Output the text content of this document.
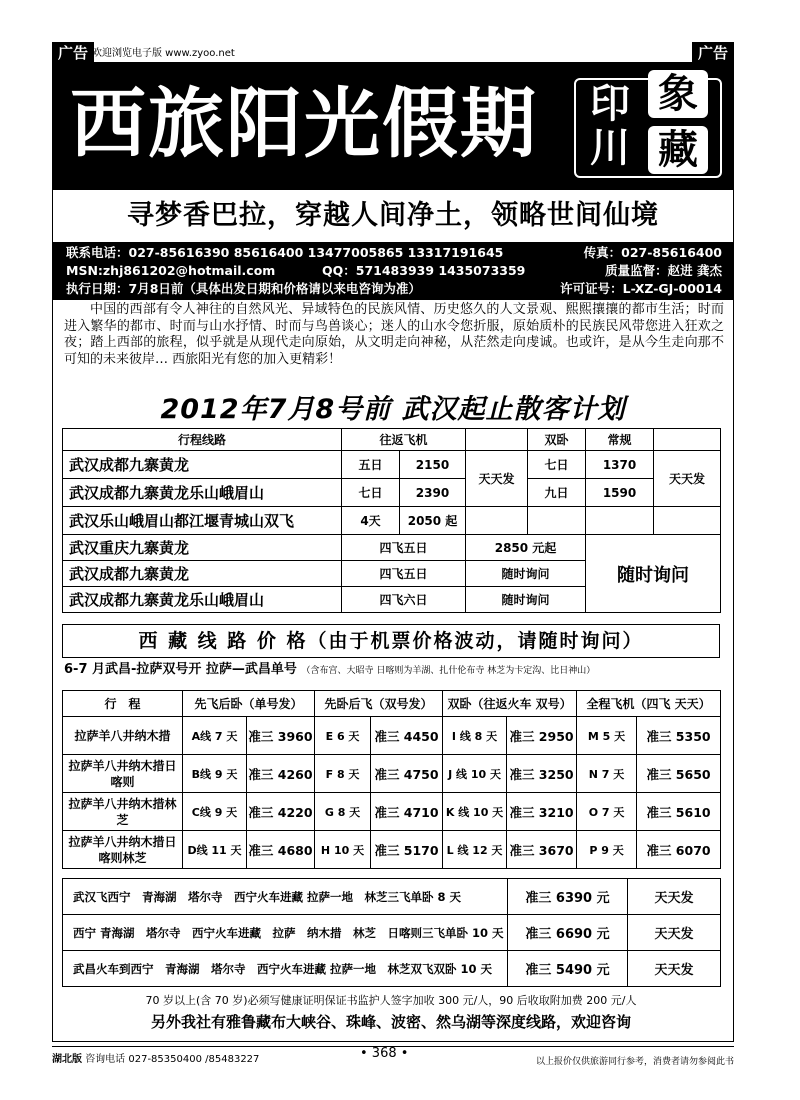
广告 欢迎浏览电子版 www.zyoo.net	广告
西旅阳光假期 印 象
川 藏
寻梦香巴拉，穿越人间净土，领略世间仙境
联系电话：027-85616390 85616400 13477005865 13317191645	传真：027-85616400
MSN:zhj861202@hotmail.com	QQ：571483939 1435073359	质量监督：赵进 龚杰
执行日期：7月8日前（具体出发日期和价格请以来电咨询为准）	许可证号：L-XZ-GJ-00014
中国的西部有令人神往的自然风光、异域特色的民族风情、历史悠久的人文景观、熙熙攘攘的都市生活；时而进入繁华的都市、时而与山水抒情、时而与鸟兽谈心；迷人的山水令您折服，原始质朴的民族民风带您进入狂欢之夜；踏上西部的旅程，似乎就是从现代走向原始，从文明走向神秘，从茫然走向虔诚。也或许，是从今生走向那不可知的未来彼岸… 西旅阳光有您的加入更精彩！
2012年7月8号前 武汉起止散客计划
行程线路	往返飞机			双卧	常规	
武汉成都九寨黄龙	五日	2150	天天发	七日	1370	天天发
武汉成都九寨黄龙乐山峨眉山	七日	2390		九日	1590	
武汉乐山峨眉山都江堰青城山双飞	4天	2050 起				
武汉重庆九寨黄龙	四飞五日		2850 元起		随时询问	
武汉成都九寨黄龙	四飞五日		随时询问			
武汉成都九寨黄龙乐山峨眉山	四飞六日		随时询问			
西 藏 线 路 价 格（由于机票价格波动，请随时询问）
6-7 月武昌-拉萨双号开 拉萨—武昌单号 （含布宫、大昭寺 日喀则为羊湖、扎什伦布寺 林芝为卡定沟、比日神山）
行　程	先飞后卧（单号发）		先卧后飞（双号发）		双卧（往返火车 双号）		全程飞机（四飞 天天）	
拉萨羊八井纳木措	A线 7 天	准三 3960	E 6 天	准三 4450	I 线 8 天	准三 2950	M 5 天	准三 5350
拉萨羊八井纳木措日喀则	B线 9 天	准三 4260	F 8 天	准三 4750	J 线 10 天	准三 3250	N 7 天	准三 5650
拉萨羊八井纳木措林芝	C线 9 天	准三 4220	G 8 天	准三 4710	K 线 10 天	准三 3210	O 7 天	准三 5610
拉萨羊八井纳木措日喀则林芝	D线 11 天	准三 4680	H 10 天	准三 5170	L 线 12 天	准三 3670	P 9 天	准三 6070
武汉飞西宁　青海湖　塔尔寺　西宁火车进藏 拉萨一地　林芝三飞单卧 8 天	准三 6390 元	天天发
西宁 青海湖　塔尔寺　西宁火车进藏　拉萨　纳木措　林芝　日喀则三飞单卧 10 天	准三 6690 元	天天发
武昌火车到西宁　青海湖　塔尔寺　西宁火车进藏 拉萨一地　林芝双飞双卧 10 天	准三 5490 元	天天发
70 岁以上(含 70 岁)必须写健康证明保证书监护人签字加收 300 元/人，90 后收取附加费 200 元/人
另外我社有雅鲁藏布大峡谷、珠峰、波密、然乌湖等深度线路，欢迎咨询
湖北版 咨询电话 027-85350400 /85483227	• 368 •
以上报价仅供旅游同行参考，消费者请勿参阅此书
